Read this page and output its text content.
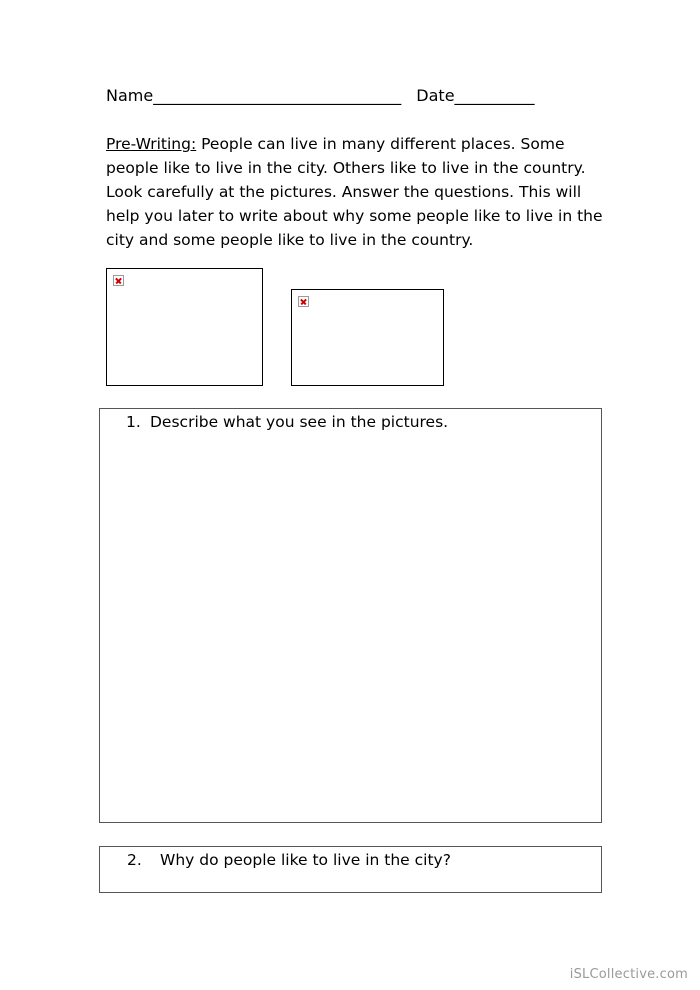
Name_______________________________ Date__________
Pre-Writing: People can live in many different places. Some people like to live in the city. Others like to live in the country. Look carefully at the pictures. Answer the questions. This will help you later to write about why some people like to live in the city and some people like to live in the country.
1. Describe what you see in the pictures.
2. Why do people like to live in the city?
iSLCollective.com
